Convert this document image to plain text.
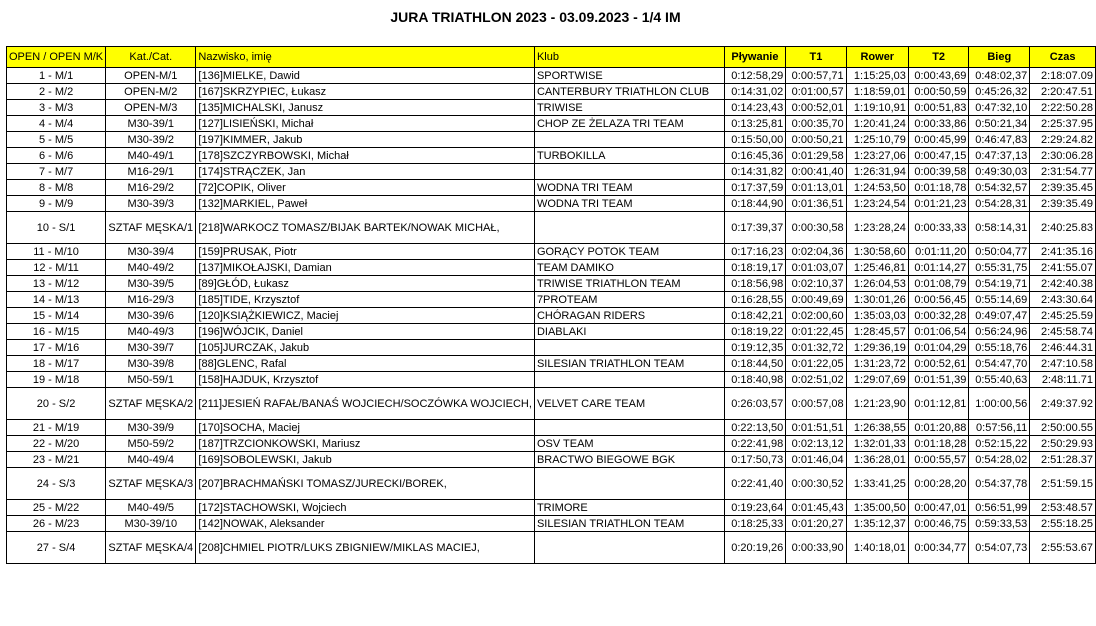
JURA TRIATHLON 2023 - 03.09.2023 - 1/4 IM
OPEN / OPEN M/K	Kat./Cat.	Nazwisko, imię	Klub	Pływanie	T1	Rower	T2	Bieg	Czas
1 - M/1	OPEN-M/1	[136]MIELKE, Dawid	SPORTWISE	0:12:58,29	0:00:57,71	1:15:25,03	0:00:43,69	0:48:02,37	2:18:07.09
2 - M/2	OPEN-M/2	[167]SKRZYPIEC, Łukasz	CANTERBURY TRIATHLON CLUB	0:14:31,02	0:01:00,57	1:18:59,01	0:00:50,59	0:45:26,32	2:20:47.51
3 - M/3	OPEN-M/3	[135]MICHALSKI, Janusz	TRIWISE	0:14:23,43	0:00:52,01	1:19:10,91	0:00:51,83	0:47:32,10	2:22:50.28
4 - M/4	M30-39/1	[127]LISIEŃSKI, Michał	CHOP ZE ŻELAZA TRI TEAM	0:13:25,81	0:00:35,70	1:20:41,24	0:00:33,86	0:50:21,34	2:25:37.95
5 - M/5	M30-39/2	[197]KIMMER, Jakub		0:15:50,00	0:00:50,21	1:25:10,79	0:00:45,99	0:46:47,83	2:29:24.82
6 - M/6	M40-49/1	[178]SZCZYRBOWSKI, Michał	TURBOKILLA	0:16:45,36	0:01:29,58	1:23:27,06	0:00:47,15	0:47:37,13	2:30:06.28
7 - M/7	M16-29/1	[174]STRĄCZEK, Jan		0:14:31,82	0:00:41,40	1:26:31,94	0:00:39,58	0:49:30,03	2:31:54.77
8 - M/8	M16-29/2	[72]COPIK, Oliver	WODNA TRI TEAM	0:17:37,59	0:01:13,01	1:24:53,50	0:01:18,78	0:54:32,57	2:39:35.45
9 - M/9	M30-39/3	[132]MARKIEL, Paweł	WODNA TRI TEAM	0:18:44,90	0:01:36,51	1:23:24,54	0:01:21,23	0:54:28,31	2:39:35.49
10 - S/1	SZTAF MĘSKA/1	[218]WARKOCZ TOMASZ/BIJAK BARTEK/NOWAK MICHAŁ,		0:17:39,37	0:00:30,58	1:23:28,24	0:00:33,33	0:58:14,31	2:40:25.83
11 - M/10	M30-39/4	[159]PRUSAK, Piotr	GORĄCY POTOK TEAM	0:17:16,23	0:02:04,36	1:30:58,60	0:01:11,20	0:50:04,77	2:41:35.16
12 - M/11	M40-49/2	[137]MIKOŁAJSKI, Damian	TEAM DAMIKO	0:18:19,17	0:01:03,07	1:25:46,81	0:01:14,27	0:55:31,75	2:41:55.07
13 - M/12	M30-39/5	[89]GŁÓD, Łukasz	TRIWISE TRIATHLON TEAM	0:18:56,98	0:02:10,37	1:26:04,53	0:01:08,79	0:54:19,71	2:42:40.38
14 - M/13	M16-29/3	[185]TIDE, Krzysztof	7PROTEAM	0:16:28,55	0:00:49,69	1:30:01,26	0:00:56,45	0:55:14,69	2:43:30.64
15 - M/14	M30-39/6	[120]KSIĄŻKIEWICZ, Maciej	CHÓRAGAN RIDERS	0:18:42,21	0:02:00,60	1:35:03,03	0:00:32,28	0:49:07,47	2:45:25.59
16 - M/15	M40-49/3	[196]WÓJCIK, Daniel	DIABLAKI	0:18:19,22	0:01:22,45	1:28:45,57	0:01:06,54	0:56:24,96	2:45:58.74
17 - M/16	M30-39/7	[105]JURCZAK, Jakub		0:19:12,35	0:01:32,72	1:29:36,19	0:01:04,29	0:55:18,76	2:46:44.31
18 - M/17	M30-39/8	[88]GLENC, Rafal	SILESIAN TRIATHLON TEAM	0:18:44,50	0:01:22,05	1:31:23,72	0:00:52,61	0:54:47,70	2:47:10.58
19 - M/18	M50-59/1	[158]HAJDUK, Krzysztof		0:18:40,98	0:02:51,02	1:29:07,69	0:01:51,39	0:55:40,63	2:48:11.71
20 - S/2	SZTAF MĘSKA/2	[211]JESIEŃ RAFAŁ/BANAŚ WOJCIECH/SOCZÓWKA WOJCIECH,	VELVET CARE TEAM	0:26:03,57	0:00:57,08	1:21:23,90	0:01:12,81	1:00:00,56	2:49:37.92
21 - M/19	M30-39/9	[170]SOCHA, Maciej		0:22:13,50	0:01:51,51	1:26:38,55	0:01:20,88	0:57:56,11	2:50:00.55
22 - M/20	M50-59/2	[187]TRZCIONKOWSKI, Mariusz	OSV TEAM	0:22:41,98	0:02:13,12	1:32:01,33	0:01:18,28	0:52:15,22	2:50:29.93
23 - M/21	M40-49/4	[169]SOBOLEWSKI, Jakub	BRACTWO BIEGOWE BGK	0:17:50,73	0:01:46,04	1:36:28,01	0:00:55,57	0:54:28,02	2:51:28.37
24 - S/3	SZTAF MĘSKA/3	[207]BRACHMAŃSKI TOMASZ/JURECKI/BOREK,		0:22:41,40	0:00:30,52	1:33:41,25	0:00:28,20	0:54:37,78	2:51:59.15
25 - M/22	M40-49/5	[172]STACHOWSKI, Wojciech	TRIMORE	0:19:23,64	0:01:45,43	1:35:00,50	0:00:47,01	0:56:51,99	2:53:48.57
26 - M/23	M30-39/10	[142]NOWAK, Aleksander	SILESIAN TRIATHLON TEAM	0:18:25,33	0:01:20,27	1:35:12,37	0:00:46,75	0:59:33,53	2:55:18.25
27 - S/4	SZTAF MĘSKA/4	[208]CHMIEL PIOTR/LUKS ZBIGNIEW/MIKLAS MACIEJ,		0:20:19,26	0:00:33,90	1:40:18,01	0:00:34,77	0:54:07,73	2:55:53.67
